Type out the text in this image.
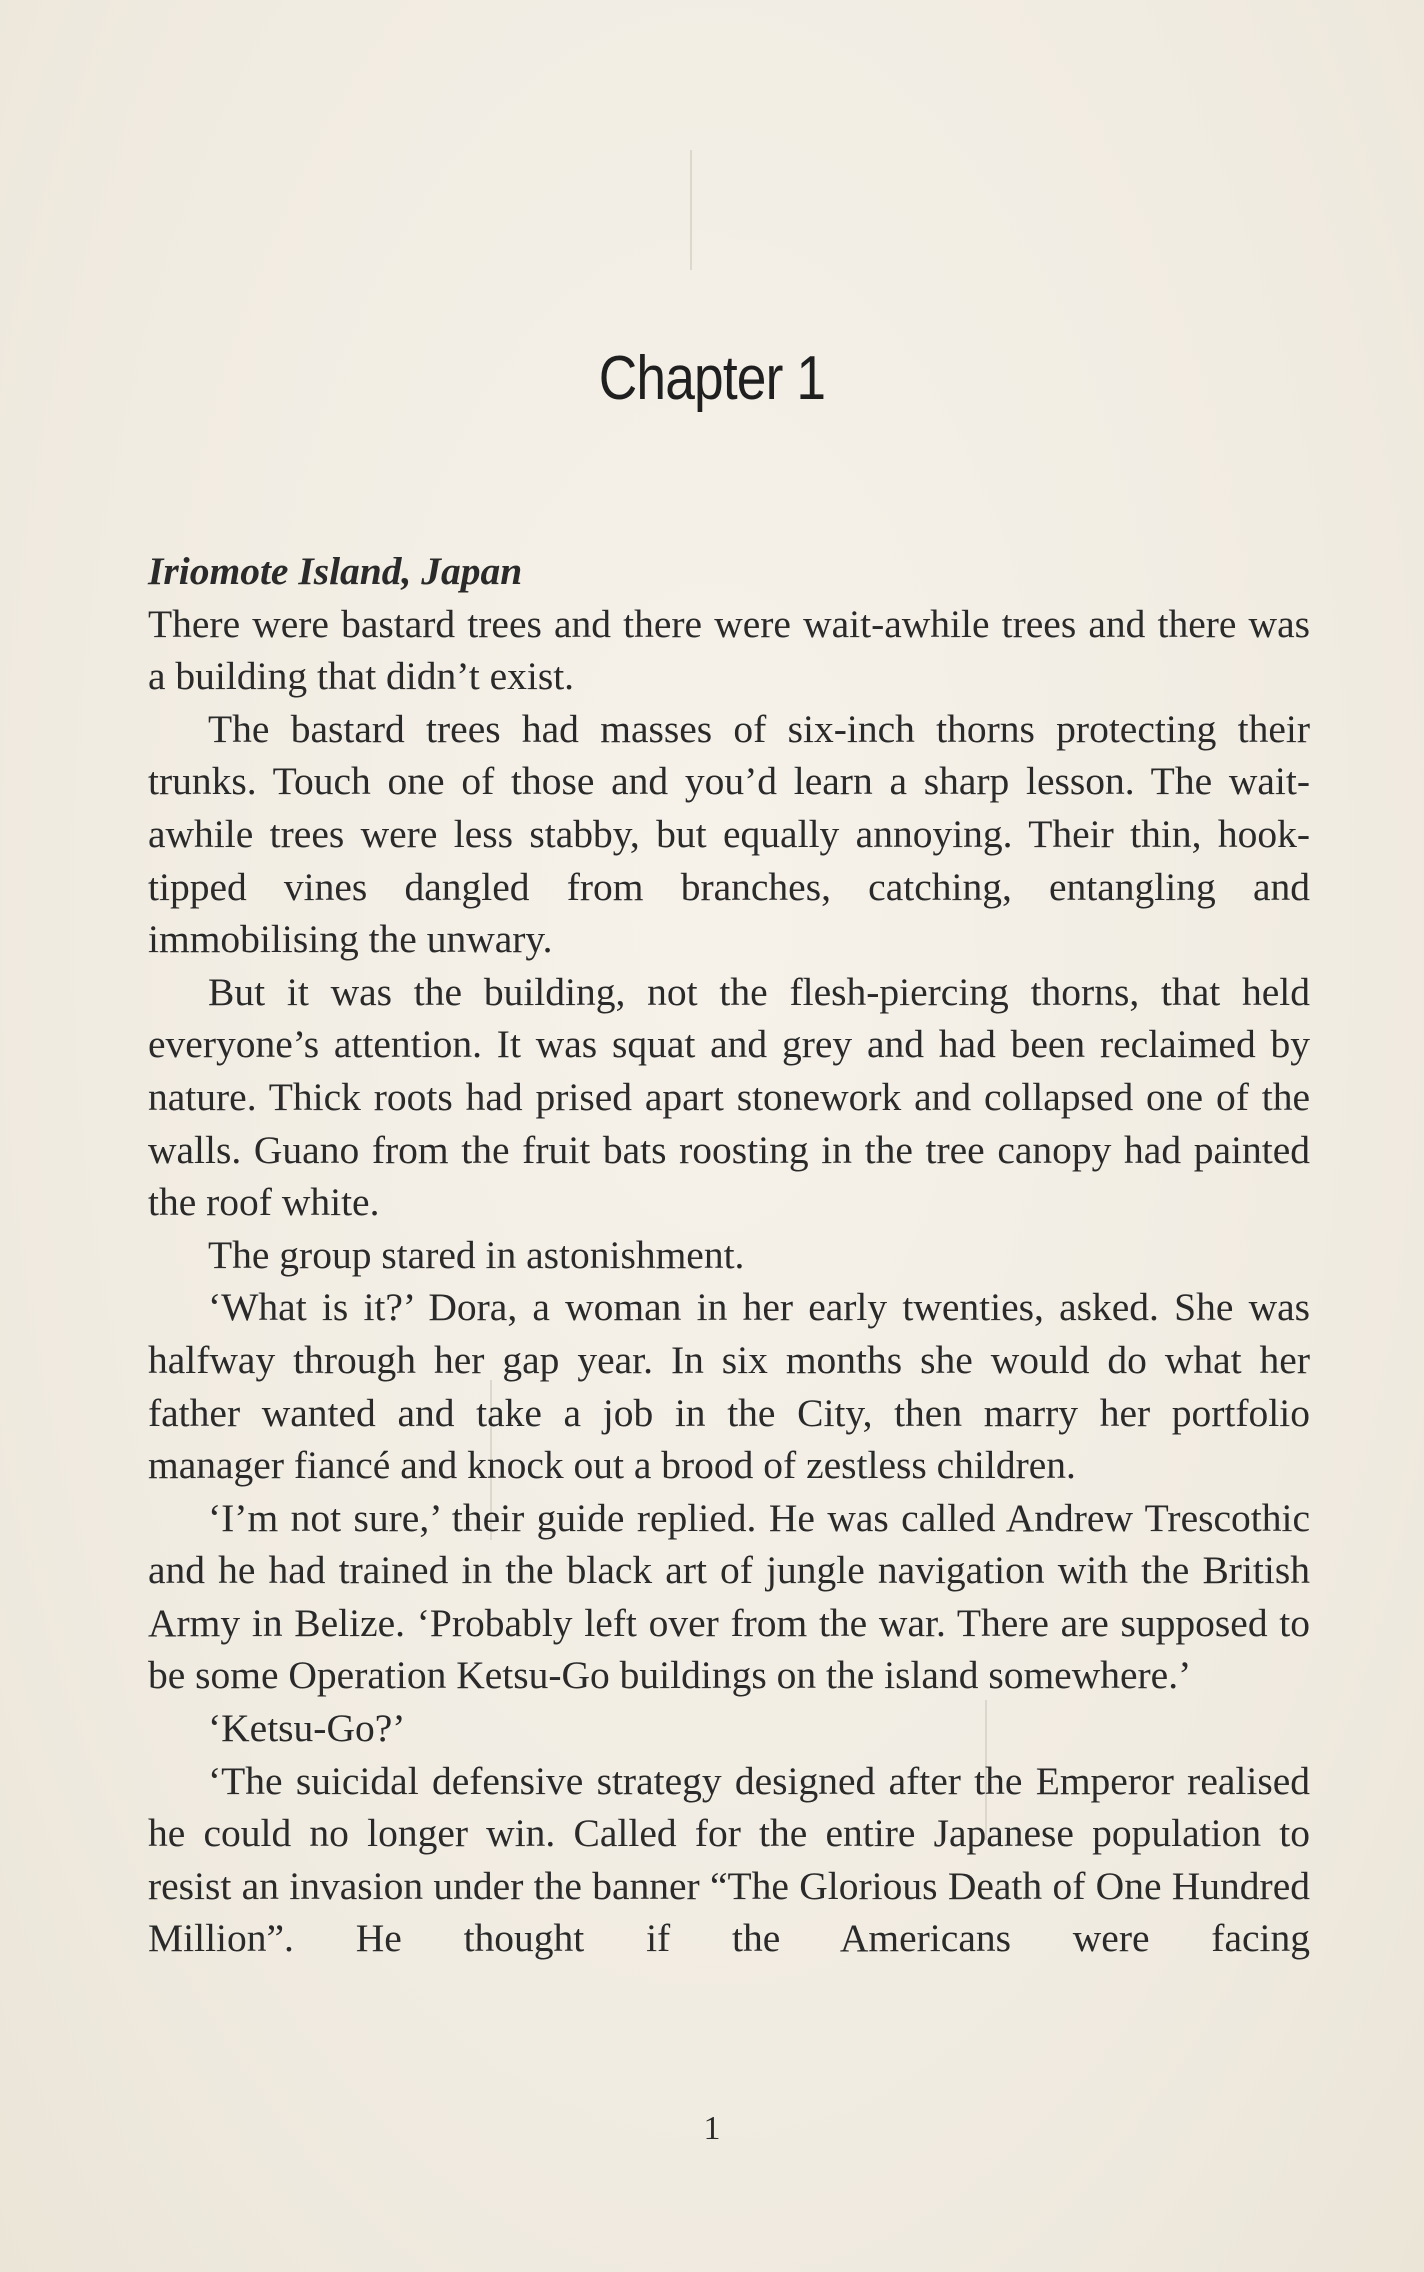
Chapter 1

Iriomote Island, Japan

There were bastard trees and there were wait-awhile trees and there was a building that didn’t exist.

The bastard trees had masses of six-inch thorns protecting their trunks. Touch one of those and you’d learn a sharp lesson. The wait-awhile trees were less stabby, but equally annoying. Their thin, hook-tipped vines dangled from branches, catching, entangling and immobilising the unwary.

But it was the building, not the flesh-piercing thorns, that held everyone’s attention. It was squat and grey and had been reclaimed by nature. Thick roots had prised apart stonework and collapsed one of the walls. Guano from the fruit bats roosting in the tree canopy had painted the roof white.

The group stared in astonishment.

‘What is it?’ Dora, a woman in her early twenties, asked. She was halfway through her gap year. In six months she would do what her father wanted and take a job in the City, then marry her portfolio manager fiancé and knock out a brood of zestless children.

‘I’m not sure,’ their guide replied. He was called Andrew Trescothic and he had trained in the black art of jungle navigation with the British Army in Belize. ‘Probably left over from the war. There are supposed to be some Operation Ketsu-Go buildings on the island somewhere.’

‘Ketsu-Go?’

‘The suicidal defensive strategy designed after the Emperor realised he could no longer win. Called for the entire Japanese population to resist an invasion under the banner “The Glorious Death of One Hundred Million”. He thought if the Americans were facing

1
